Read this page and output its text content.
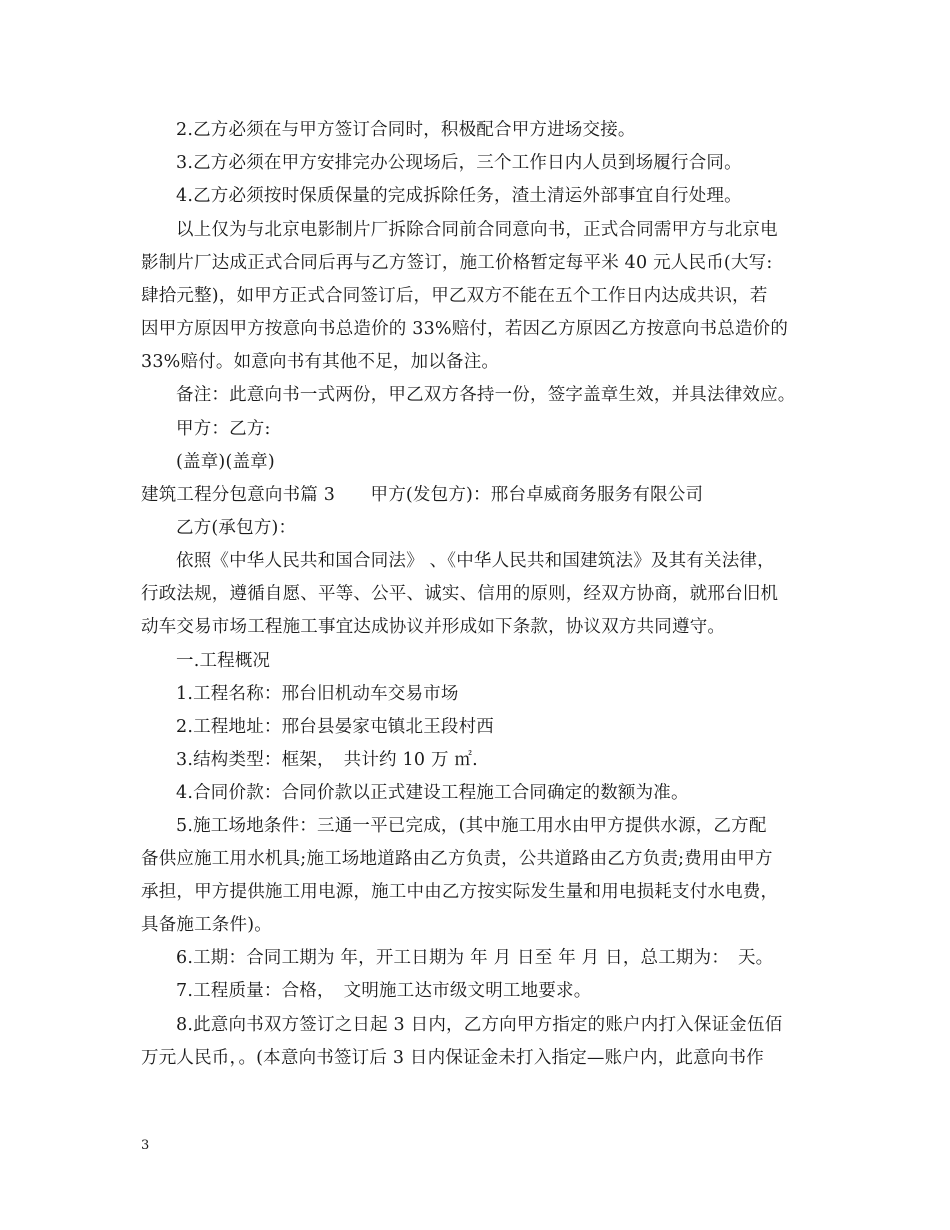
2.乙方必须在与甲方签订合同时，积极配合甲方进场交接。
3.乙方必须在甲方安排完办公现场后，三个工作日内人员到场履行合同。
4.乙方必须按时保质保量的完成拆除任务，渣土清运外部事宜自行处理。
以上仅为与北京电影制片厂拆除合同前合同意向书，正式合同需甲方与北京电
影制片厂达成正式合同后再与乙方签订，施工价格暂定每平米 40 元人民币(大写:
肆拾元整)，如甲方正式合同签订后，甲乙双方不能在五个工作日内达成共识，若
因甲方原因甲方按意向书总造价的 33%赔付，若因乙方原因乙方按意向书总造价的
33%赔付。如意向书有其他不足，加以备注。
备注：此意向书一式两份，甲乙双方各持一份，签字盖章生效，并具法律效应。
甲方：乙方:
(盖章)(盖章)
建筑工程分包意向书篇 3　　甲方(发包方)：邢台卓威商务服务有限公司
乙方(承包方)：
依照《中华人民共和国合同法》 、《中华人民共和国建筑法》及其有关法律，
行政法规，遵循自愿、平等、公平、诚实、信用的原则，经双方协商，就邢台旧机
动车交易市场工程施工事宜达成协议并形成如下条款，协议双方共同遵守。
一.工程概况
1.工程名称：邢台旧机动车交易市场
2.工程地址：邢台县晏家屯镇北王段村西
3.结构类型：框架，　共计约 10 万 ㎡.
4.合同价款：合同价款以正式建设工程施工合同确定的数额为准。
5.施工场地条件：三通一平已完成，(其中施工用水由甲方提供水源，乙方配
备供应施工用水机具;施工场地道路由乙方负责，公共道路由乙方负责;费用由甲方
承担，甲方提供施工用电源，施工中由乙方按实际发生量和用电损耗支付水电费，
具备施工条件)。
6.工期：合同工期为 年，开工日期为 年 月 日至 年 月 日，总工期为：　天。
7.工程质量：合格，　文明施工达市级文明工地要求。
8.此意向书双方签订之日起 3 日内，乙方向甲方指定的账户内打入保证金伍佰
万元人民币，。(本意向书签订后 3 日内保证金未打入指定—账户内，此意向书作
3
